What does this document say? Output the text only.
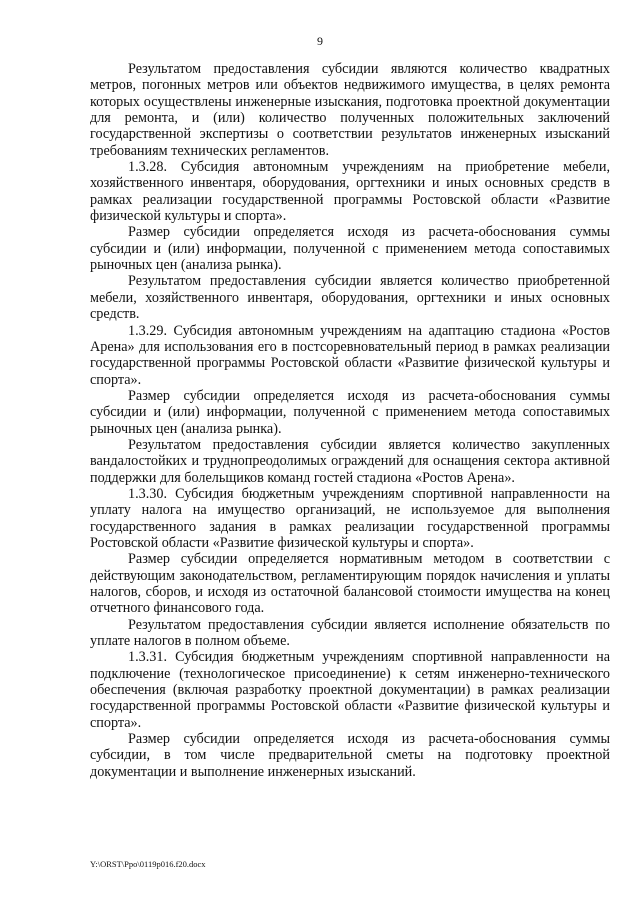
9

Результатом предоставления субсидии являются количество квадратных метров, погонных метров или объектов недвижимого имущества, в целях ремонта которых осуществлены инженерные изыскания, подготовка проектной документации для ремонта, и (или) количество полученных положительных заключений государственной экспертизы о соответствии результатов инженерных изысканий требованиям технических регламентов.

1.3.28. Субсидия автономным учреждениям на приобретение мебели, хозяйственного инвентаря, оборудования, оргтехники и иных основных средств в рамках реализации государственной программы Ростовской области «Развитие физической культуры и спорта».

Размер субсидии определяется исходя из расчета-обоснования суммы субсидии и (или) информации, полученной с применением метода сопоставимых рыночных цен (анализа рынка).

Результатом предоставления субсидии является количество приобретенной мебели, хозяйственного инвентаря, оборудования, оргтехники и иных основных средств.

1.3.29. Субсидия автономным учреждениям на адаптацию стадиона «Ростов Арена» для использования его в постсоревновательный период в рамках реализации государственной программы Ростовской области «Развитие физической культуры и спорта».

Размер субсидии определяется исходя из расчета-обоснования суммы субсидии и (или) информации, полученной с применением метода сопоставимых рыночных цен (анализа рынка).

Результатом предоставления субсидии является количество закупленных вандалостойких и труднопреодолимых ограждений для оснащения сектора активной поддержки для болельщиков команд гостей стадиона «Ростов Арена».

1.3.30. Субсидия бюджетным учреждениям спортивной направленности на уплату налога на имущество организаций, не используемое для выполнения государственного задания в рамках реализации государственной программы Ростовской области «Развитие физической культуры и спорта».

Размер субсидии определяется нормативным методом в соответствии с действующим законодательством, регламентирующим порядок начисления и уплаты налогов, сборов, и исходя из остаточной балансовой стоимости имущества на конец отчетного финансового года.

Результатом предоставления субсидии является исполнение обязательств по уплате налогов в полном объеме.

1.3.31. Субсидия бюджетным учреждениям спортивной направленности на подключение (технологическое присоединение) к сетям инженерно-технического обеспечения (включая разработку проектной документации) в рамках реализации государственной программы Ростовской области «Развитие физической культуры и спорта».

Размер субсидии определяется исходя из расчета-обоснования суммы субсидии, в том числе предварительной сметы на подготовку проектной документации и выполнение инженерных изысканий.

Y:\ORST\Ppo\0119p016.f20.docx
